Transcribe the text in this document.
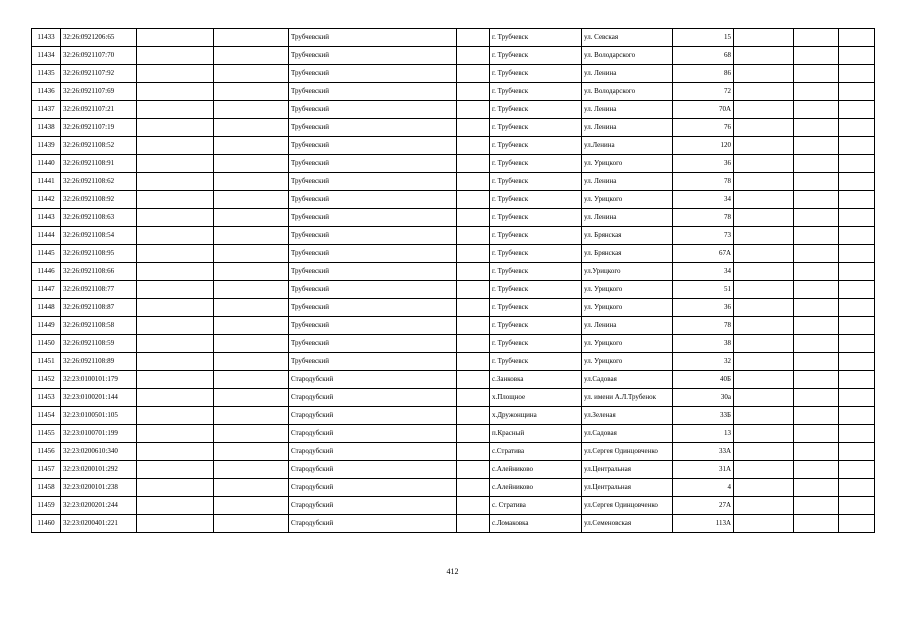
11433	32:26:0921206:65			Трубчевский		г. Трубчевск	ул. Севская	15			
11434	32:26:0921107:70			Трубчевский		г. Трубчевск	ул. Володарского	68			
11435	32:26:0921107:92			Трубчевский		г. Трубчевск	ул. Ленина	86			
11436	32:26:0921107:69			Трубчевский		г. Трубчевск	ул. Володарского	72			
11437	32:26:0921107:21			Трубчевский		г. Трубчевск	ул. Ленина	70А			
11438	32:26:0921107:19			Трубчевский		г. Трубчевск	ул. Ленина	76			
11439	32:26:0921108:52			Трубчевский		г. Трубчевск	ул.Ленина	120			
11440	32:26:0921108:91			Трубчевский		г. Трубчевск	ул. Урицкого	36			
11441	32:26:0921108:62			Трубчевский		г. Трубчевск	ул. Ленина	78			
11442	32:26:0921108:92			Трубчевский		г. Трубчевск	ул. Урицкого	34			
11443	32:26:0921108:63			Трубчевский		г. Трубчевск	ул. Ленина	78			
11444	32:26:0921108:54			Трубчевский		г. Трубчевск	ул. Брянская	73			
11445	32:26:0921108:95			Трубчевский		г. Трубчевск	ул. Брянская	67А			
11446	32:26:0921108:66			Трубчевский		г. Трубчевск	ул.Урицкого	34			
11447	32:26:0921108:77			Трубчевский		г. Трубчевск	ул. Урицкого	51			
11448	32:26:0921108:87			Трубчевский		г. Трубчевск	ул. Урицкого	36			
11449	32:26:0921108:58			Трубчевский		г. Трубчевск	ул. Ленина	78			
11450	32:26:0921108:59			Трубчевский		г. Трубчевск	ул. Урицкого	38			
11451	32:26:0921108:89			Трубчевский		г. Трубчевск	ул. Урицкого	32			
11452	32:23:0100101:179			Стародубский		с.Занковка	ул.Садовая	40Б			
11453	32:23:0100201:144			Стародубский		х.Площное	ул. имени А.Л.Трубенок	30а			
11454	32:23:0100501:105			Стародубский		х.Дружонщина	ул.Зеленая	33Б			
11455	32:23:0100701:199			Стародубский		п.Красный	ул.Садовая	13			
11456	32:23:0200610:340			Стародубский		с.Стратива	ул.Сергея Одинцовченко	33А			
11457	32:23:0200101:292			Стародубский		с.Алейниково	ул.Центральная	31А			
11458	32:23:0200101:238			Стародубский		с.Алейниково	ул.Центральная	4			
11459	32:23:0200201:244			Стародубский		с. Стратива	ул.Сергея Одинцовченко	27А			
11460	32:23:0200401:221			Стародубский		с.Ломаковка	ул.Семеновская	113А			
412
